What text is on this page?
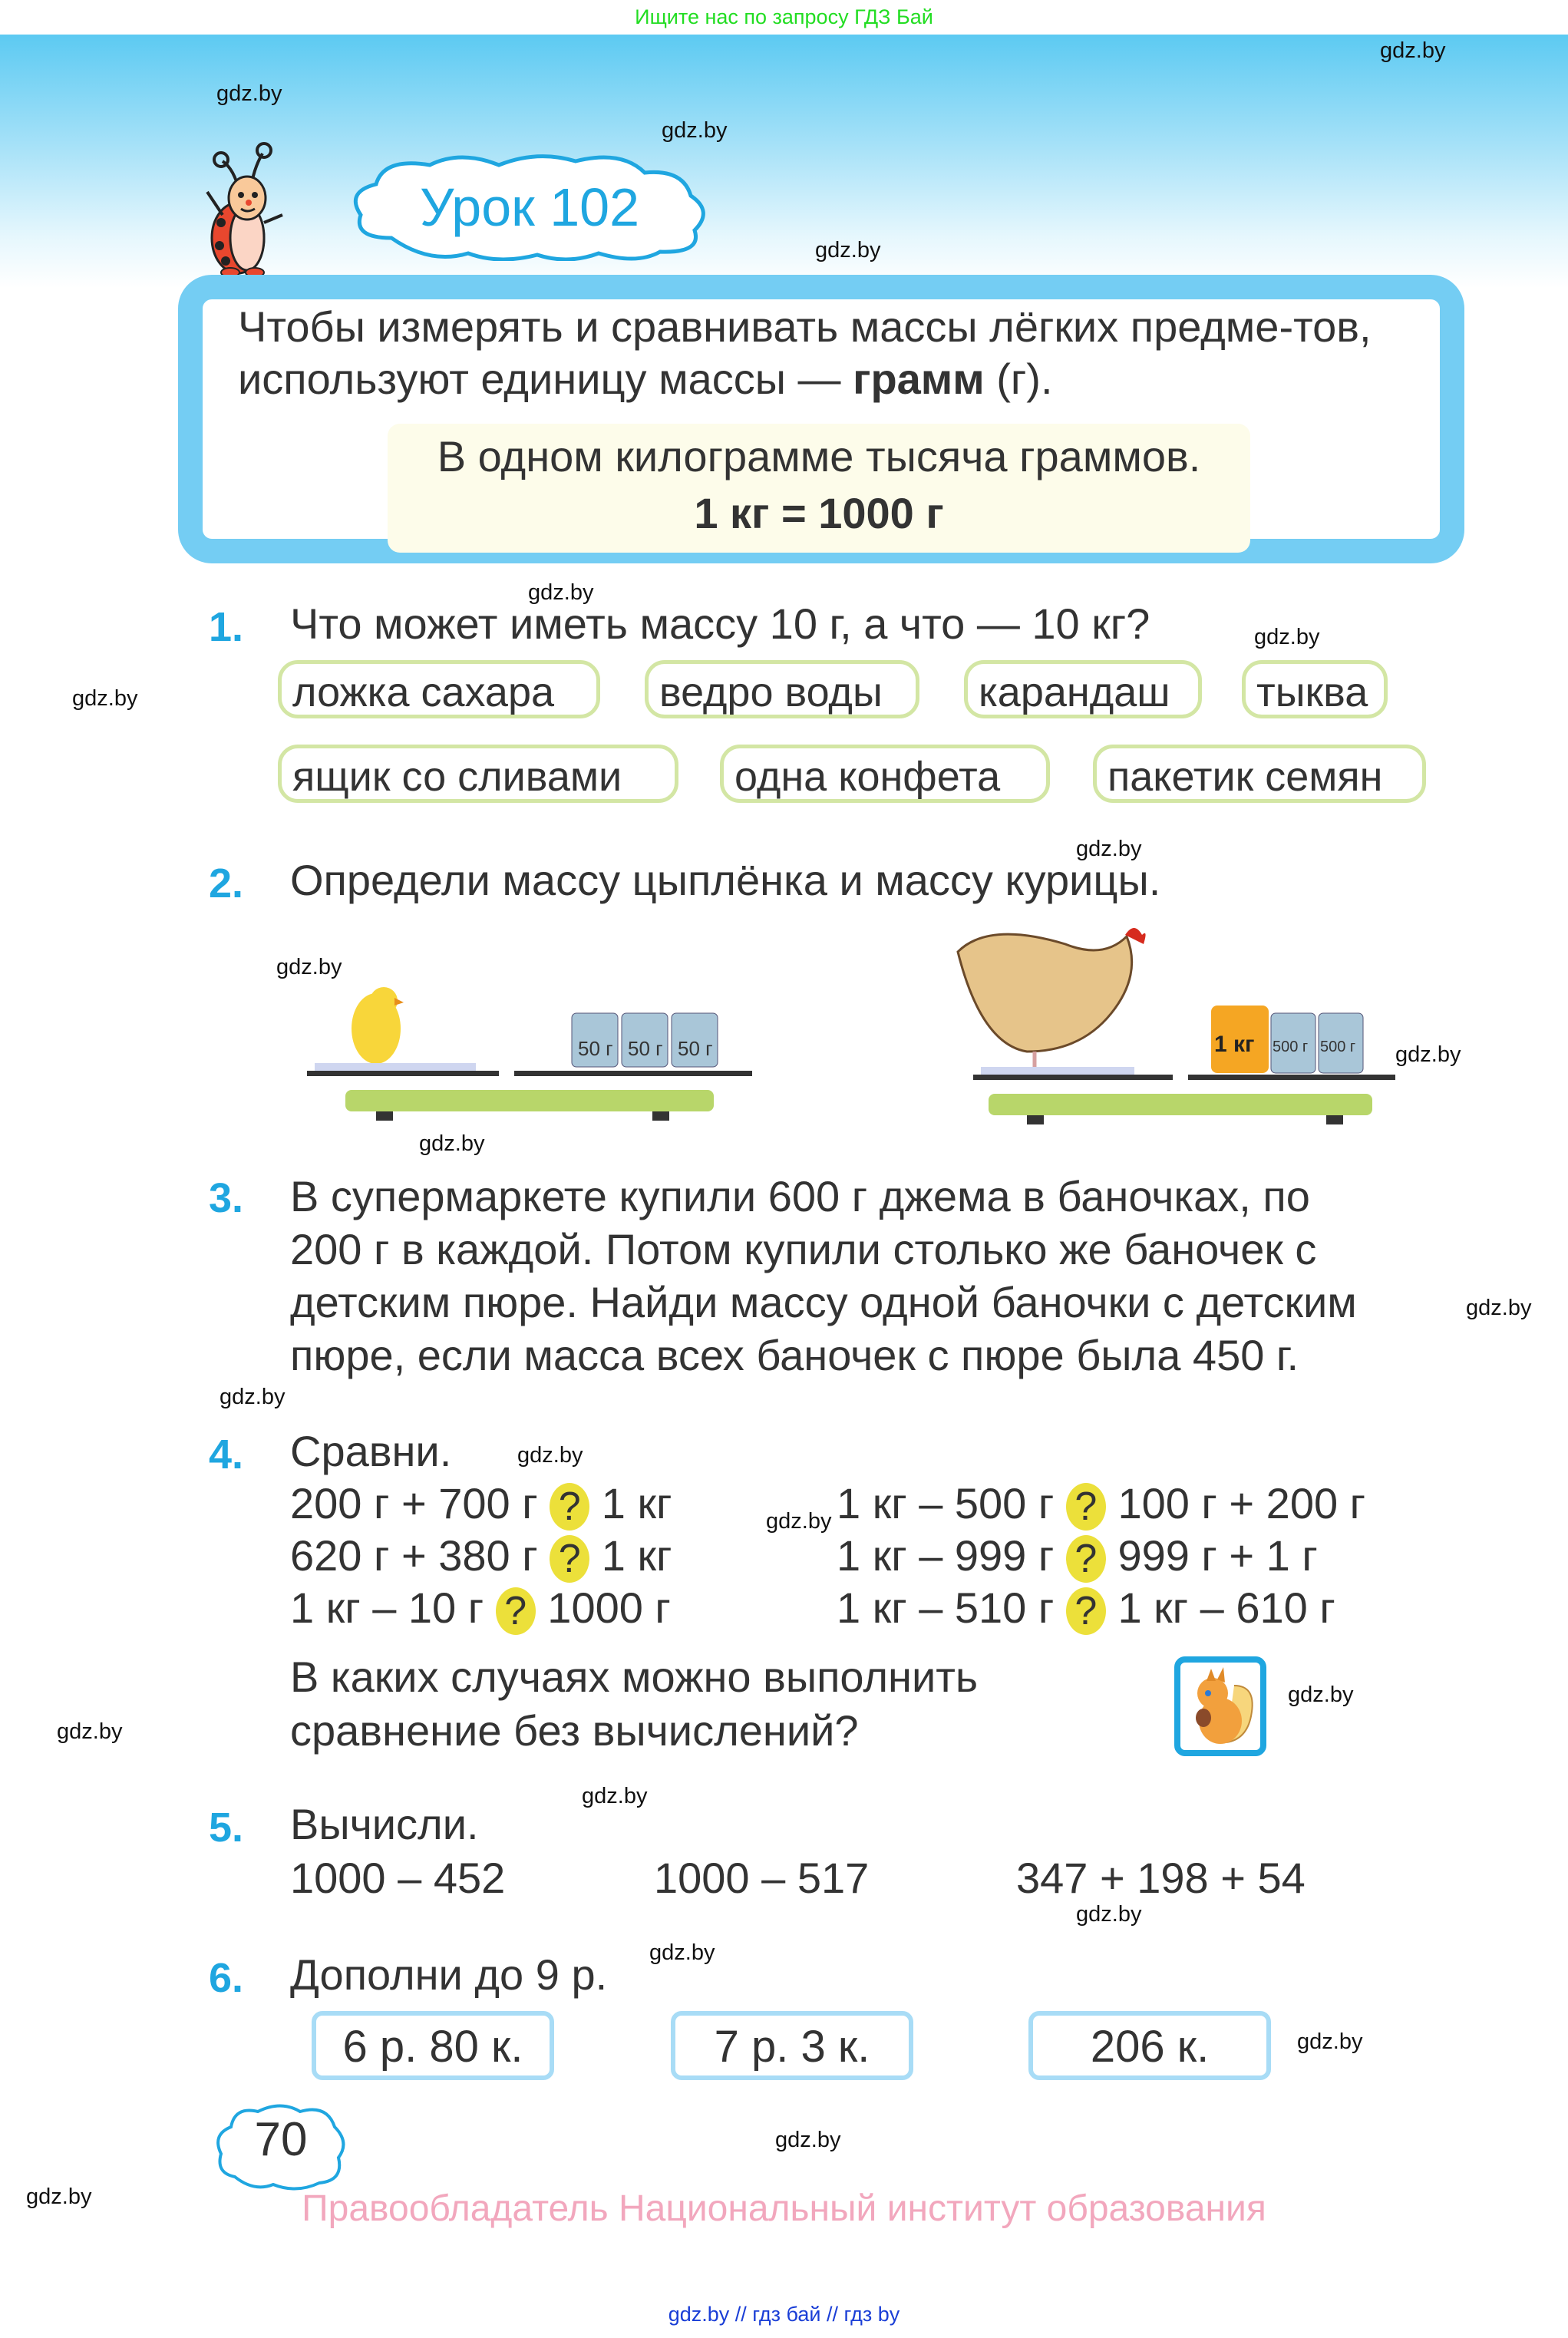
Ищите нас по запросу ГДЗ Бай
gdz.by
gdz.by
gdz.by
gdz.by
gdz.by
gdz.by
gdz.by
gdz.by
gdz.by
gdz.by
gdz.by
gdz.by
gdz.by
gdz.by
gdz.by
gdz.by
gdz.by
gdz.by
gdz.by
gdz.by
gdz.by
gdz.by
gdz.by
Урок 102
Чтобы измерять и сравнивать массы лёгких предме-тов, используют единицу массы — грамм (г).
В одном килограмме тысяча граммов.
1 кг = 1000 г
1. Что может иметь массу 10 г, а что — 10 кг?
ложка сахара	ведро воды	карандаш	тыква
ящик со сливами	одна конфета	пакетик семян
2. Определи массу цыплёнка и массу курицы.
50 г 50 г 50 г	1 кг 500 г 500 г
3. В супермаркете купили 600 г джема в баночках, по
200 г в каждой. Потом купили столько же баночек с
детским пюре. Найди массу одной баночки с детским
пюре, если масса всех баночек с пюре была 450 г.
4. Сравни.
200 г + 700 г ? 1 кг	1 кг – 500 г ? 100 г + 200 г
620 г + 380 г ? 1 кг	1 кг – 999 г ? 999 г + 1 г
1 кг – 10 г ? 1000 г	1 кг – 510 г ? 1 кг – 610 г
В каких случаях можно выполнить
сравнение без вычислений?
5. Вычисли.
1000 – 452	1000 – 517	347 + 198 + 54
6. Дополни до 9 р.
6 р. 80 к.	7 р. 3 к.	206 к.
70
Правообладатель Национальный институт образования
gdz.by // гдз бай // гдз by
